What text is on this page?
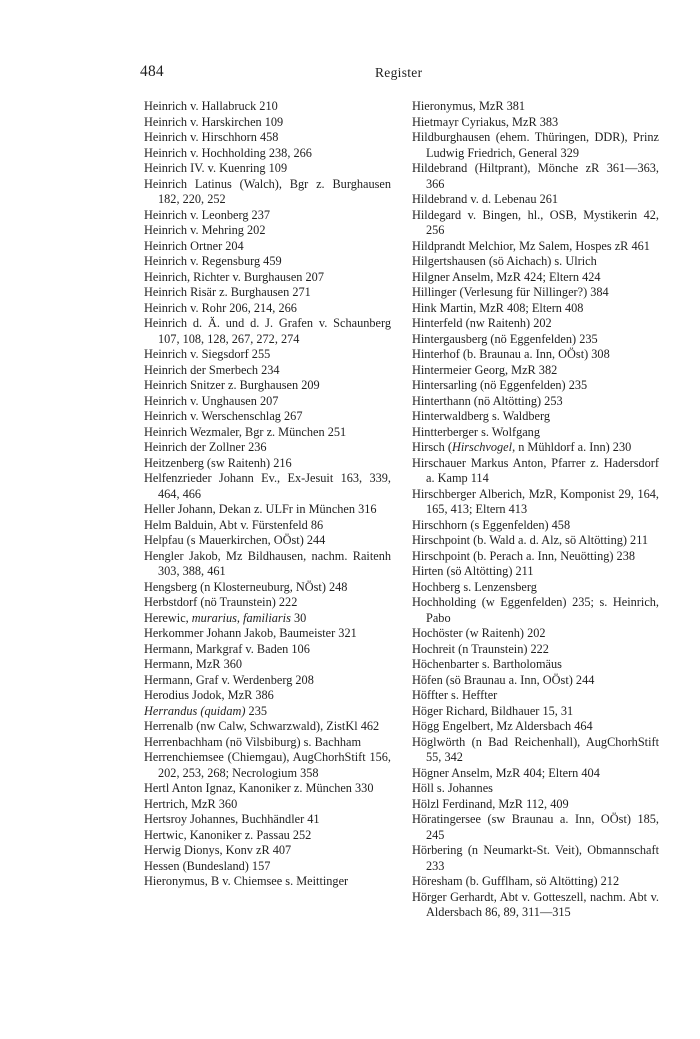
484	Register

Heinrich v. Hallabruck 210

Heinrich v. Harskirchen 109

Heinrich v. Hirschhorn 458

Heinrich v. Hochholding 238, 266

Heinrich IV. v. Kuenring 109

Heinrich Latinus (Walch), Bgr z. Burghausen 182, 220, 252

Heinrich v. Leonberg 237

Heinrich v. Mehring 202

Heinrich Ortner 204

Heinrich v. Regensburg 459

Heinrich, Richter v. Burghausen 207

Heinrich Risär z. Burghausen 271

Heinrich v. Rohr 206, 214, 266

Heinrich d. Ä. und d. J. Grafen v. Schaunberg 107, 108, 128, 267, 272, 274

Heinrich v. Siegsdorf 255

Heinrich der Smerbech 234

Heinrich Snitzer z. Burghausen 209

Heinrich v. Unghausen 207

Heinrich v. Werschenschlag 267

Heinrich Wezmaler, Bgr z. München 251

Heinrich der Zollner 236

Heitzenberg (sw Raitenh) 216

Helfenzrieder Johann Ev., Ex-Jesuit 163, 339, 464, 466

Heller Johann, Dekan z. ULFr in München 316

Helm Balduin, Abt v. Fürstenfeld 86

Helpfau (s Mauerkirchen, OÖst) 244

Hengler Jakob, Mz Bildhausen, nachm. Raitenh 303, 388, 461

Hengsberg (n Klosterneuburg, NÖst) 248

Herbstdorf (nö Traunstein) 222

Herewic, murarius, familiaris 30

Herkommer Johann Jakob, Baumeister 321

Hermann, Markgraf v. Baden 106

Hermann, MzR 360

Hermann, Graf v. Werdenberg 208

Herodius Jodok, MzR 386

Herrandus (quidam) 235

Herrenalb (nw Calw, Schwarzwald), ZistKl 462

Herrenbachham (nö Vilsbiburg) s. Bachham

Herrenchiemsee (Chiemgau), AugChorhStift 156, 202, 253, 268; Necrologium 358

Hertl Anton Ignaz, Kanoniker z. München 330

Hertrich, MzR 360

Hertsroy Johannes, Buchhändler 41

Hertwic, Kanoniker z. Passau 252

Herwig Dionys, Konv zR 407

Hessen (Bundesland) 157

Hieronymus, B v. Chiemsee s. Meittinger

Hieronymus, MzR 381

Hietmayr Cyriakus, MzR 383

Hildburghausen (ehem. Thüringen, DDR), Prinz Ludwig Friedrich, General 329

Hildebrand (Hiltprant), Mönche zR 361—363, 366

Hildebrand v. d. Lebenau 261

Hildegard v. Bingen, hl., OSB, Mystikerin 42, 256

Hildprandt Melchior, Mz Salem, Hospes zR 461

Hilgertshausen (sö Aichach) s. Ulrich

Hilgner Anselm, MzR 424; Eltern 424

Hillinger (Verlesung für Nillinger?) 384

Hink Martin, MzR 408; Eltern 408

Hinterfeld (nw Raitenh) 202

Hintergausberg (nö Eggenfelden) 235

Hinterhof (b. Braunau a. Inn, OÖst) 308

Hintermeier Georg, MzR 382

Hintersarling (nö Eggenfelden) 235

Hinterthann (nö Altötting) 253

Hinterwaldberg s. Waldberg

Hintterberger s. Wolfgang

Hirsch (Hirschvogel, n Mühldorf a. Inn) 230

Hirschauer Markus Anton, Pfarrer z. Hadersdorf a. Kamp 114

Hirschberger Alberich, MzR, Komponist 29, 164, 165, 413; Eltern 413

Hirschhorn (s Eggenfelden) 458

Hirschpoint (b. Wald a. d. Alz, sö Altötting) 211

Hirschpoint (b. Perach a. Inn, Neuötting) 238

Hirten (sö Altötting) 211

Hochberg s. Lenzensberg

Hochholding (w Eggenfelden) 235; s. Heinrich, Pabo

Hochöster (w Raitenh) 202

Hochreit (n Traunstein) 222

Höchenbarter s. Bartholomäus

Höfen (sö Braunau a. Inn, OÖst) 244

Höffter s. Heffter

Höger Richard, Bildhauer 15, 31

Högg Engelbert, Mz Aldersbach 464

Höglwörth (n Bad Reichenhall), AugChorhStift 55, 342

Högner Anselm, MzR 404; Eltern 404

Höll s. Johannes

Hölzl Ferdinand, MzR 112, 409

Höratingersee (sw Braunau a. Inn, OÖst) 185, 245

Hörbering (n Neumarkt-St. Veit), Obmannschaft 233

Höresham (b. Gufflham, sö Altötting) 212

Hörger Gerhardt, Abt v. Gotteszell, nachm. Abt v. Aldersbach 86, 89, 311—315
